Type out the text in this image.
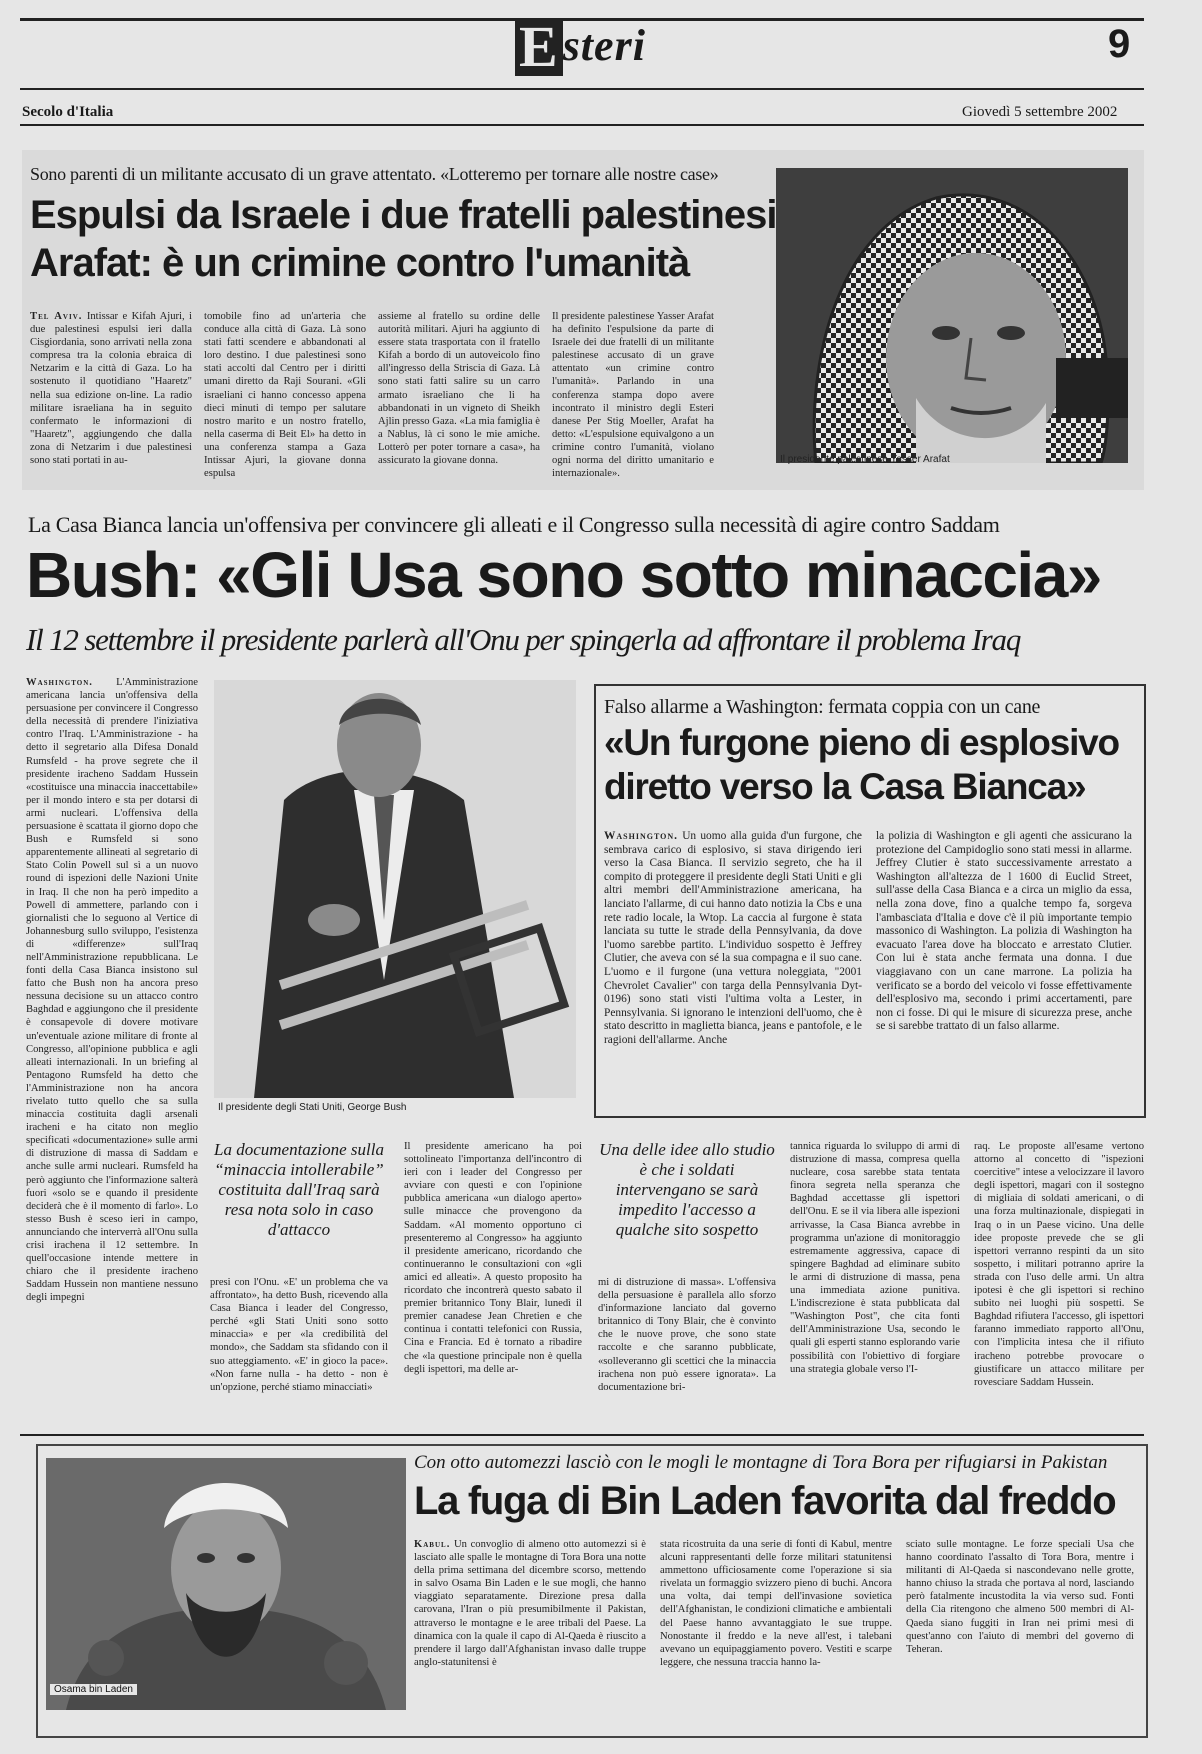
Esteri	9
Secolo d'Italia	Giovedì 5 settembre 2002
Sono parenti di un militante accusato di un grave attentato. «Lotteremo per tornare alle nostre case»
Espulsi da Israele i due fratelli palestinesi
Arafat: è un crimine contro l'umanità
Tel Aviv. Intissar e Kifah Ajuri, i due palestinesi espulsi ieri dalla Cisgiordania, sono arrivati nella zona compresa tra la colonia ebraica di Netzarim e la città di Gaza. Lo ha sostenuto il quotidiano "Haaretz" nella sua edizione on-line. La radio militare israeliana ha in seguito confermato le informazioni di "Haaretz", aggiungendo che dalla zona di Netzarim i due palestinesi sono stati portati in au-
tomobile fino ad un'arteria che conduce alla città di Gaza. Là sono stati fatti scendere e abbandonati al loro destino. I due palestinesi sono stati accolti dal Centro per i diritti umani diretto da Raji Sourani. «Gli israeliani ci hanno concesso appena dieci minuti di tempo per salutare nostro marito e un nostro fratello, nella caserma di Beit El» ha detto in una conferenza stampa a Gaza Intissar Ajuri, la giovane donna espulsa
assieme al fratello su ordine delle autorità militari. Ajuri ha aggiunto di essere stata trasportata con il fratello Kifah a bordo di un autoveicolo fino all'ingresso della Striscia di Gaza. Là sono stati fatti salire su un carro armato israeliano che li ha abbandonati in un vigneto di Sheikh Ajlin presso Gaza. «La mia famiglia è a Nablus, là ci sono le mie amiche. Lotterò per poter tornare a casa», ha assicurato la giovane donna.
Il presidente palestinese Yasser Arafat ha definito l'espulsione da parte di Israele dei due fratelli di un militante palestinese accusato di un grave attentato «un crimine contro l'umanità». Parlando in una conferenza stampa dopo avere incontrato il ministro degli Esteri danese Per Stig Moeller, Arafat ha detto: «L'espulsione equivalgono a un crimine contro l'umanità, violano ogni norma del diritto umanitario e internazionale».
Il presidente palestinese Yasser Arafat
La Casa Bianca lancia un'offensiva per convincere gli alleati e il Congresso sulla necessità di agire contro Saddam
Bush: «Gli Usa sono sotto minaccia»
Il 12 settembre il presidente parlerà all'Onu per spingerla ad affrontare il problema Iraq
Washington. L'Amministrazione americana lancia un'offensiva della persuasione per convincere il Congresso della necessità di prendere l'iniziativa contro l'Iraq. L'Amministrazione - ha detto il segretario alla Difesa Donald Rumsfeld - ha prove segrete che il presidente iracheno Saddam Hussein «costituisce una minaccia inaccettabile» per il mondo intero e sta per dotarsi di armi nucleari. L'offensiva della persuasione è scattata il giorno dopo che Bush e Rumsfeld si sono apparentemente allineati al segretario di Stato Colin Powell sul sì a un nuovo round di ispezioni delle Nazioni Unite in Iraq. Il che non ha però impedito a Powell di ammettere, parlando con i giornalisti che lo seguono al Vertice di Johannesburg sullo sviluppo, l'esistenza di «differenze» sull'Iraq nell'Amministrazione repubblicana. Le fonti della Casa Bianca insistono sul fatto che Bush non ha ancora preso nessuna decisione su un attacco contro Baghdad e aggiungono che il presidente è consapevole di dovere motivare un'eventuale azione militare di fronte al Congresso, all'opinione pubblica e agli alleati internazionali. In un briefing al Pentagono Rumsfeld ha detto che l'Amministrazione non ha ancora rivelato tutto quello che sa sulla minaccia costituita dagli arsenali iracheni e ha citato non meglio specificati «documentazione» sulle armi di distruzione di massa di Saddam e anche sulle armi nucleari. Rumsfeld ha però aggiunto che l'informazione salterà fuori «solo se e quando il presidente deciderà che è il momento di farlo». Lo stesso Bush è sceso ieri in campo, annunciando che interverrà all'Onu sulla crisi irachena il 12 settembre. In quell'occasione intende mettere in chiaro che il presidente iracheno Saddam Hussein non mantiene nessuno degli impegni
Il presidente degli Stati Uniti, George Bush
La documentazione sulla “minaccia intollerabile” costituita dall'Iraq sarà resa nota solo in caso d'attacco
presi con l'Onu. «E' un problema che va affrontato», ha detto Bush, ricevendo alla Casa Bianca i leader del Congresso, perché «gli Stati Uniti sono sotto minaccia» e per «la credibilità del mondo», che Saddam sta sfidando con il suo atteggiamento. «E' in gioco la pace». «Non farne nulla - ha detto - non è un'opzione, perché stiamo minacciati»
Il presidente americano ha poi sottolineato l'importanza dell'incontro di ieri con i leader del Congresso per avviare con questi e con l'opinione pubblica americana «un dialogo aperto» sulle minacce che provengono da Saddam. «Al momento opportuno ci presenteremo al Congresso» ha aggiunto il presidente americano, ricordando che continueranno le consultazioni con «gli amici ed alleati». A questo proposito ha ricordato che incontrerà questo sabato il premier britannico Tony Blair, lunedì il premier canadese Jean Chretien e che continua i contatti telefonici con Russia, Cina e Francia. Ed è tornato a ribadire che «la questione principale non è quella degli ispettori, ma delle ar-
Una delle idee allo studio è che i soldati intervengano se sarà impedito l'accesso a qualche sito sospetto
mi di distruzione di massa». L'offensiva della persuasione è parallela allo sforzo d'informazione lanciato dal governo britannico di Tony Blair, che è convinto che le nuove prove, che sono state raccolte e che saranno pubblicate, «solleveranno gli scettici che la minaccia irachena non può essere ignorata». La documentazione bri-
tannica riguarda lo sviluppo di armi di distruzione di massa, compresa quella nucleare, cosa sarebbe stata tentata finora segreta nella speranza che Baghdad accettasse gli ispettori dell'Onu. E se il via libera alle ispezioni arrivasse, la Casa Bianca avrebbe in programma un'azione di monitoraggio estremamente aggressiva, capace di spingere Baghdad ad eliminare subito le armi di distruzione di massa, pena una immediata azione punitiva. L'indiscrezione è stata pubblicata dal "Washington Post", che cita fonti dell'Amministrazione Usa, secondo le quali gli esperti stanno esplorando varie possibilità con l'obiettivo di forgiare una strategia globale verso l'I-
raq. Le proposte all'esame vertono attorno al concetto di "ispezioni coercitive" intese a velocizzare il lavoro degli ispettori, magari con il sostegno di migliaia di soldati americani, o di una forza multinazionale, dispiegati in Iraq o in un Paese vicino. Una delle idee proposte prevede che se gli ispettori verranno respinti da un sito sospetto, i militari potranno aprire la strada con l'uso delle armi. Un altra ipotesi è che gli ispettori si rechino subito nei luoghi più sospetti. Se Baghdad rifiutera l'accesso, gli ispettori faranno immediato rapporto all'Onu, con l'implicita intesa che il rifiuto iracheno potrebbe provocare o giustificare un attacco militare per rovesciare Saddam Hussein.
Falso allarme a Washington: fermata coppia con un cane
«Un furgone pieno di esplosivo
diretto verso la Casa Bianca»
Washington. Un uomo alla guida d'un furgone, che sembrava carico di esplosivo, si stava dirigendo ieri verso la Casa Bianca. Il servizio segreto, che ha il compito di proteggere il presidente degli Stati Uniti e gli altri membri dell'Amministrazione americana, ha lanciato l'allarme, di cui hanno dato notizia la Cbs e una rete radio locale, la Wtop. La caccia al furgone è stata lanciata su tutte le strade della Pennsylvania, da dove l'uomo sarebbe partito. L'individuo sospetto è Jeffrey Clutier, che aveva con sé la sua compagna e il suo cane. L'uomo e il furgone (una vettura noleggiata, "2001 Chevrolet Cavalier" con targa della Pennsylvania Dyt-0196) sono stati visti l'ultima volta a Lester, in Pennsylvania. Si ignorano le intenzioni dell'uomo, che è stato descritto in maglietta bianca, jeans e pantofole, e le ragioni dell'allarme. Anche
la polizia di Washington e gli agenti che assicurano la protezione del Campidoglio sono stati messi in allarme. Jeffrey Clutier è stato successivamente arrestato a Washington all'altezza de l 1600 di Euclid Street, sull'asse della Casa Bianca e a circa un miglio da essa, nella zona dove, fino a qualche tempo fa, sorgeva l'ambasciata d'Italia e dove c'è il più importante tempio massonico di Washington. La polizia di Washington ha evacuato l'area dove ha bloccato e arrestato Clutier. Con lui è stata anche fermata una donna. I due viaggiavano con un cane marrone. La polizia ha verificato se a bordo del veicolo vi fosse effettivamente dell'esplosivo ma, secondo i primi accertamenti, pare non ci fosse. Di qui le misure di sicurezza prese, anche se si sarebbe trattato di un falso allarme.
Osama bin Laden
Con otto automezzi lasciò con le mogli le montagne di Tora Bora per rifugiarsi in Pakistan
La fuga di Bin Laden favorita dal freddo
Kabul. Un convoglio di almeno otto automezzi si è lasciato alle spalle le montagne di Tora Bora una notte della prima settimana del dicembre scorso, mettendo in salvo Osama Bin Laden e le sue mogli, che hanno viaggiato separatamente. Direzione presa dalla carovana, l'Iran o più presumibilmente il Pakistan, attraverso le montagne e le aree tribali del Paese. La dinamica con la quale il capo di Al-Qaeda è riuscito a prendere il largo dall'Afghanistan invaso dalle truppe anglo-statunitensi è
stata ricostruita da una serie di fonti di Kabul, mentre alcuni rappresentanti delle forze militari statunitensi ammettono ufficiosamente come l'operazione si sia rivelata un formaggio svizzero pieno di buchi. Ancora una volta, dai tempi dell'invasione sovietica dell'Afghanistan, le condizioni climatiche e ambientali del Paese hanno avvantaggiato le sue truppe. Nonostante il freddo e la neve all'est, i talebani avevano un equipaggiamento povero. Vestiti e scarpe leggere, che nessuna traccia hanno la-
sciato sulle montagne. Le forze speciali Usa che hanno coordinato l'assalto di Tora Bora, mentre i militanti di Al-Qaeda si nascondevano nelle grotte, hanno chiuso la strada che portava al nord, lasciando però fatalmente incustodita la via verso sud. Fonti della Cia ritengono che almeno 500 membri di Al-Qaeda siano fuggiti in Iran nei primi mesi di quest'anno con l'aiuto di membri del governo di Teheran.
